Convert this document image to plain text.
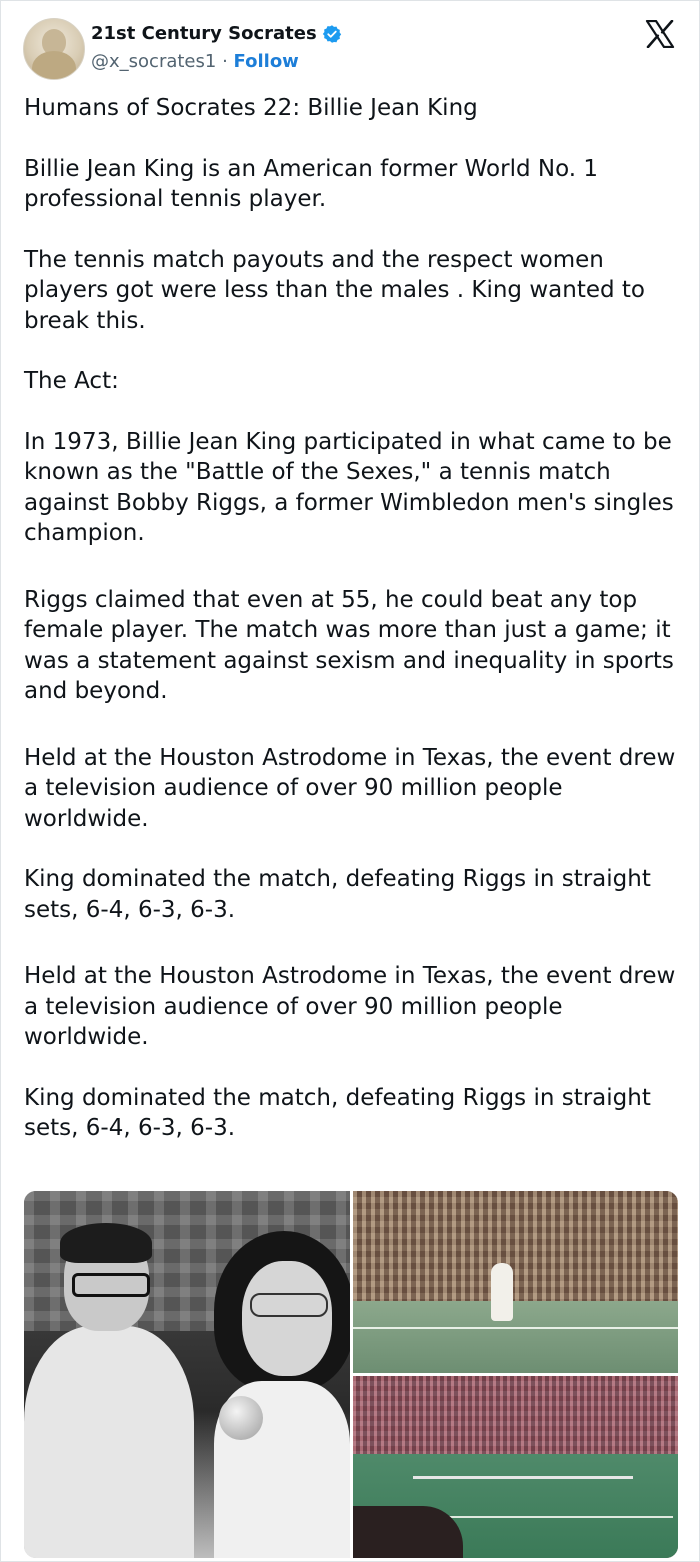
21st Century Socrates
@x_socrates1 · Follow

Humans of Socrates 22: Billie Jean King

Billie Jean King is an American former World No. 1 professional tennis player.

The tennis match payouts and the respect women players got were less than the males . King wanted to break this.

The Act:

In 1973, Billie Jean King participated in what came to be known as the "Battle of the Sexes," a tennis match against Bobby Riggs, a former Wimbledon men's singles champion.

Riggs claimed that even at 55, he could beat any top female player. The match was more than just a game; it was a statement against sexism and inequality in sports and beyond.

Held at the Houston Astrodome in Texas, the event drew a television audience of over 90 million people worldwide.

King dominated the match, defeating Riggs in straight sets, 6-4, 6-3, 6-3.

Held at the Houston Astrodome in Texas, the event drew a television audience of over 90 million people worldwide.

King dominated the match, defeating Riggs in straight sets, 6-4, 6-3, 6-3.
